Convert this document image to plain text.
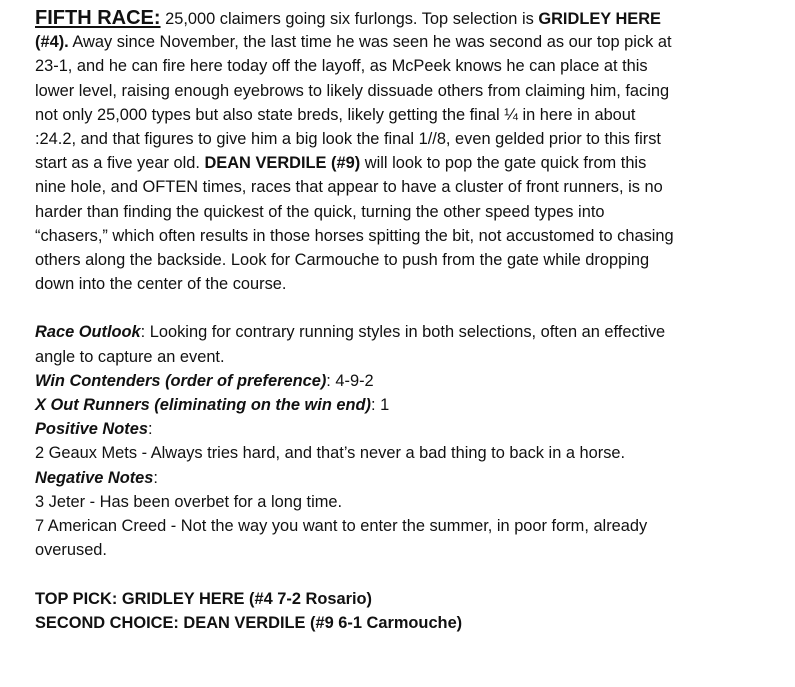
FIFTH RACE: 25,000 claimers going six furlongs. Top selection is GRIDLEY HERE
(#4). Away since November, the last time he was seen he was second as our top pick at
23-1, and he can fire here today off the layoff, as McPeek knows he can place at this
lower level, raising enough eyebrows to likely dissuade others from claiming him, facing
not only 25,000 types but also state breds, likely getting the final ¼ in here in about
:24.2, and that figures to give him a big look the final 1//8, even gelded prior to this first
start as a five year old. DEAN VERDILE (#9) will look to pop the gate quick from this
nine hole, and OFTEN times, races that appear to have a cluster of front runners, is no
harder than finding the quickest of the quick, turning the other speed types into
“chasers,” which often results in those horses spitting the bit, not accustomed to chasing
others along the backside. Look for Carmouche to push from the gate while dropping
down into the center of the course.
Race Outlook: Looking for contrary running styles in both selections, often an effective
angle to capture an event.
Win Contenders (order of preference): 4-9-2
X Out Runners (eliminating on the win end): 1
Positive Notes:
2 Geaux Mets - Always tries hard, and that’s never a bad thing to back in a horse.
Negative Notes:
3 Jeter - Has been overbet for a long time.
7 American Creed - Not the way you want to enter the summer, in poor form, already
overused.
TOP PICK: GRIDLEY HERE (#4 7-2 Rosario)
SECOND CHOICE: DEAN VERDILE (#9 6-1 Carmouche)
